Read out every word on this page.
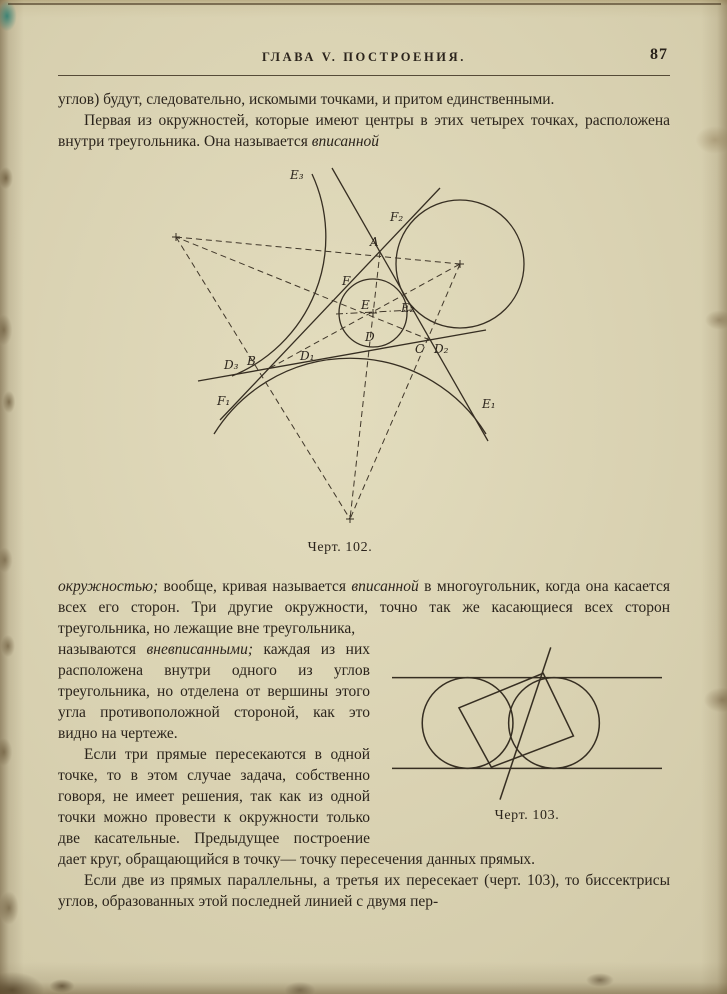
ГЛАВА V. ПОСТРОЕНИЯ.	87

углов) будут, следовательно, искомыми точками, и притом единственными.

Первая из окружностей, которые имеют центры в этих четырех точках, расположена внутри треугольника. Она называется вписанной

E₃
F₂
A
F
E	E₂
D
C D₂
D₃ B	D₁
F₁	E₁
Черт. 102.

окружностью; вообще, кривая называется вписанной в многоугольник, когда она касается всех его сторон. Три другие окружности, точно так же касающиеся всех сторон треугольника, но лежащие вне треугольника,

Черт. 103.

называются вневписанными; каждая из них расположена внутри одного из углов треугольника, но отделена от вершины этого угла противоположной стороной, как это видно на чертеже.

Если три прямые пересекаются в одной точке, то в этом случае задача, собственно говоря, не имеет решения, так как из одной точки можно провести к окружности только две касательные. Предыдущее построение дает круг, обращающийся в точку— точку пересечения данных прямых.

Если две из прямых параллельны, а третья их пересекает (черт. 103), то биссектрисы углов, образованных этой последней линией с двумя пер-
